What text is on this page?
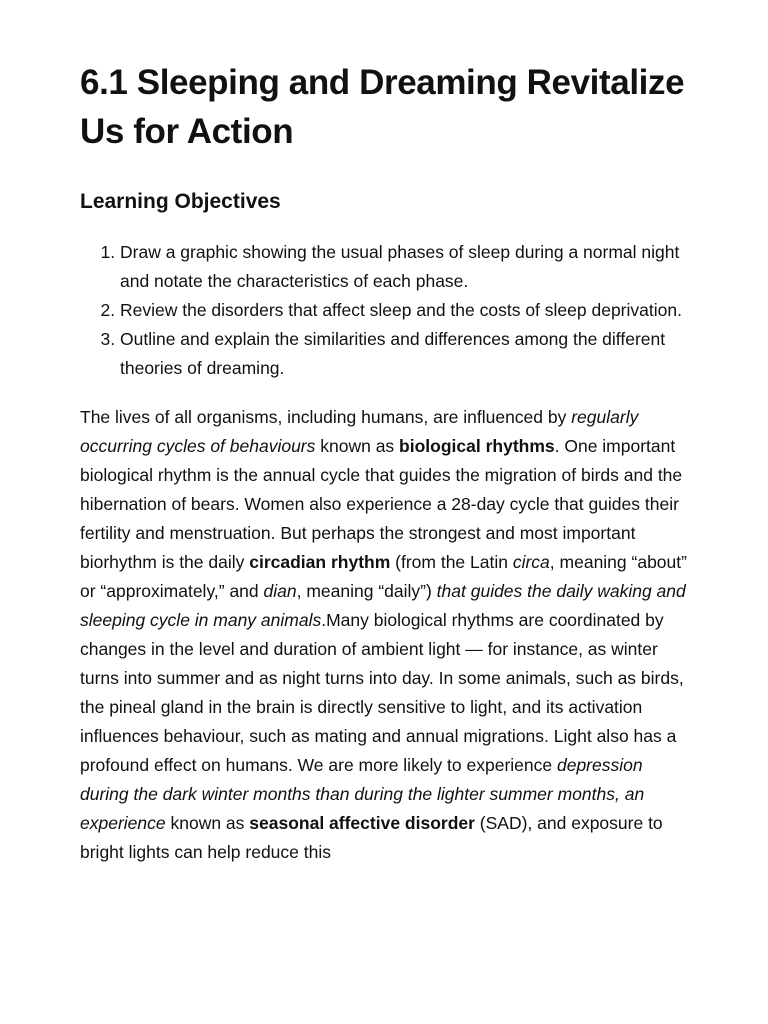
6.1 Sleeping and Dreaming Revitalize Us for Action
Learning Objectives
1. Draw a graphic showing the usual phases of sleep during a normal night and notate the characteristics of each phase.
2. Review the disorders that affect sleep and the costs of sleep deprivation.
3. Outline and explain the similarities and differences among the different theories of dreaming.

The lives of all organisms, including humans, are influenced by regularly occurring cycles of behaviours known as biological rhythms. One important biological rhythm is the annual cycle that guides the migration of birds and the hibernation of bears. Women also experience a 28-day cycle that guides their fertility and menstruation. But perhaps the strongest and most important biorhythm is the daily circadian rhythm (from the Latin circa, meaning “about” or “approximately,” and dian, meaning “daily”) that guides the daily waking and sleeping cycle in many animals.Many biological rhythms are coordinated by changes in the level and duration of ambient light — for instance, as winter turns into summer and as night turns into day. In some animals, such as birds, the pineal gland in the brain is directly sensitive to light, and its activation influences behaviour, such as mating and annual migrations. Light also has a profound effect on humans. We are more likely to experience depression during the dark winter months than during the lighter summer months, an experience known as seasonal affective disorder (SAD), and exposure to bright lights can help reduce this
